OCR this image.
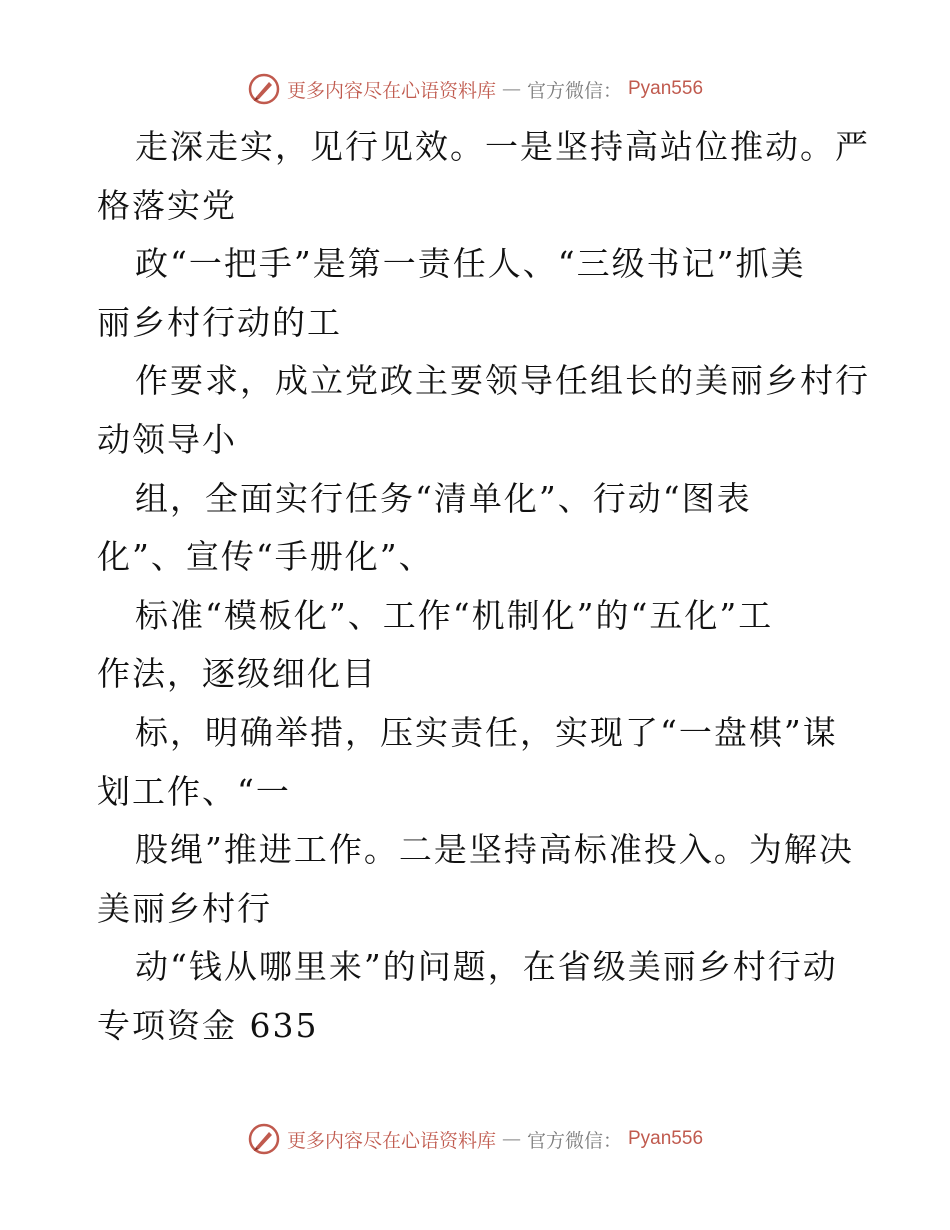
更多内容尽在心语资料库 — 官方微信： Pyan556
走深走实，见行见效。一是坚持高站位推动。严
格落实党
政“一把手”是第一责任人、“三级书记”抓美
丽乡村行动的工
作要求，成立党政主要领导任组长的美丽乡村行
动领导小
组，全面实行任务“清单化”、行动“图表
化”、宣传“手册化”、
标准“模板化”、工作“机制化”的“五化”工
作法，逐级细化目
标，明确举措，压实责任，实现了“一盘棋”谋
划工作、“一
股绳”推进工作。二是坚持高标准投入。为解决
美丽乡村行
动“钱从哪里来”的问题，在省级美丽乡村行动
专项资金 635
更多内容尽在心语资料库 — 官方微信： Pyan556
